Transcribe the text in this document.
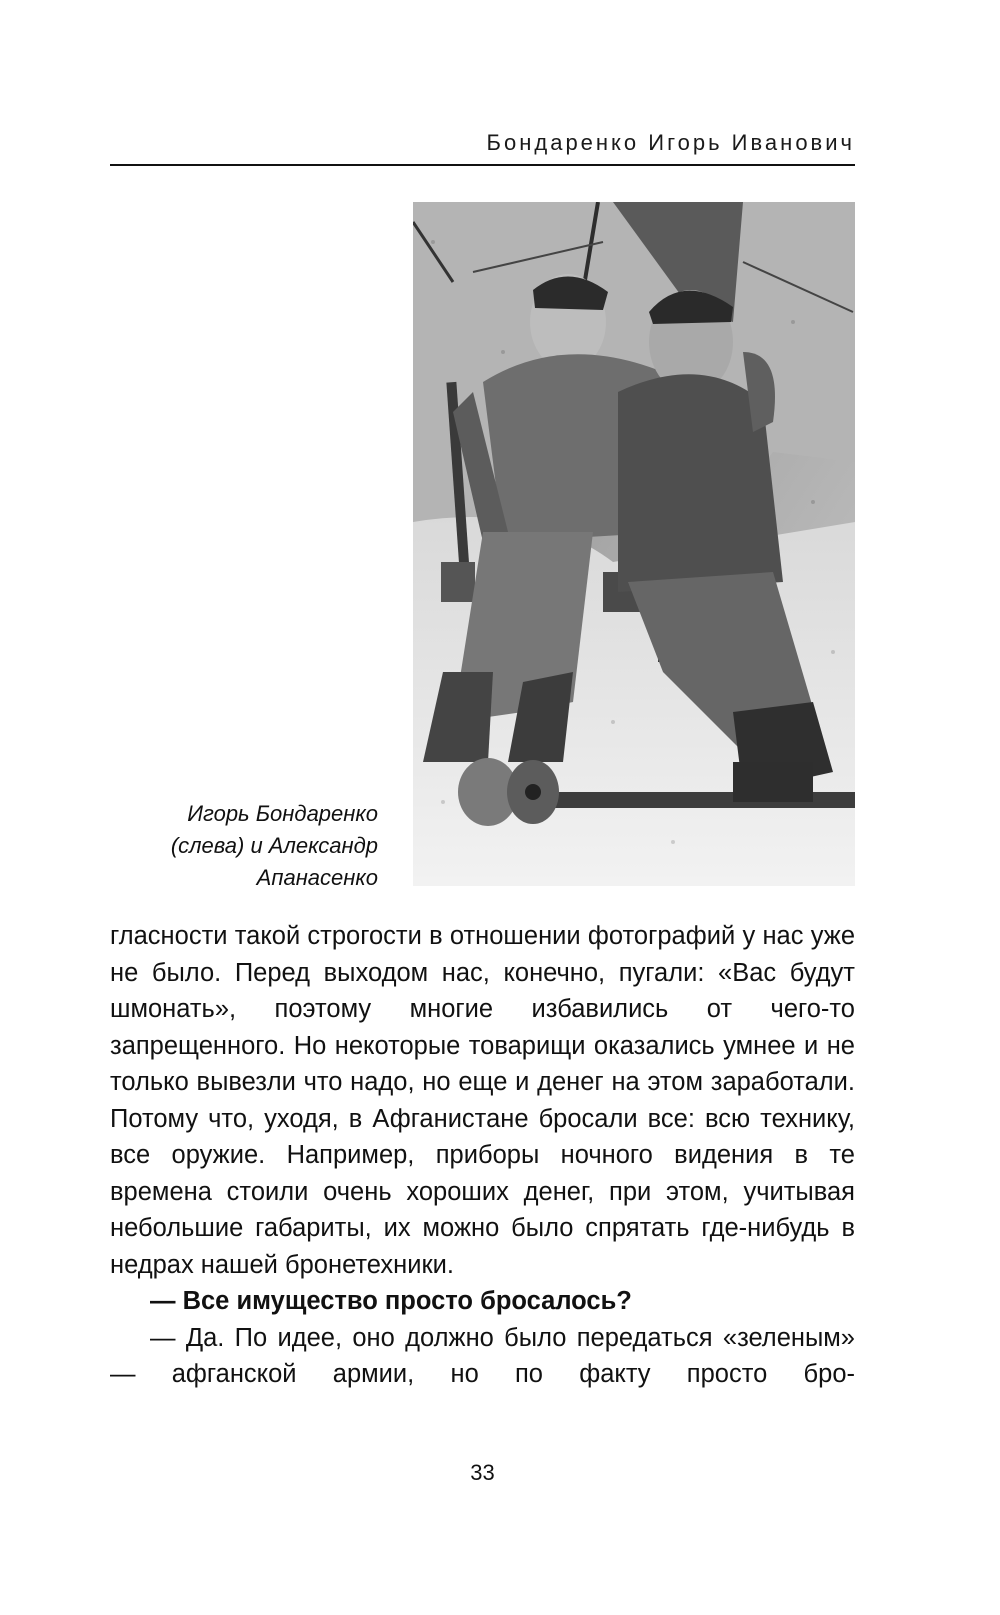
Бондаренко Игорь Иванович
Игорь Бондаренко
(слева) и Александр
Апанасенко

гласности такой строгости в отношении фотографий у нас уже не было. Перед выходом нас, конечно, пугали: «Вас будут шмонать», поэтому многие избавились от чего-то запрещенного. Но некоторые товарищи оказались умнее и не только вывезли что надо, но еще и денег на этом заработали. Потому что, уходя, в Афганистане бросали все: всю технику, все оружие. Например, приборы ночного видения в те времена стоили очень хороших денег, при этом, учитывая небольшие габариты, их можно было спрятать где-нибудь в недрах нашей бронетехники.

— Все имущество просто бросалось?

— Да. По идее, оно должно было передаться «зеленым» — афганской армии, но по факту просто бро-

33
